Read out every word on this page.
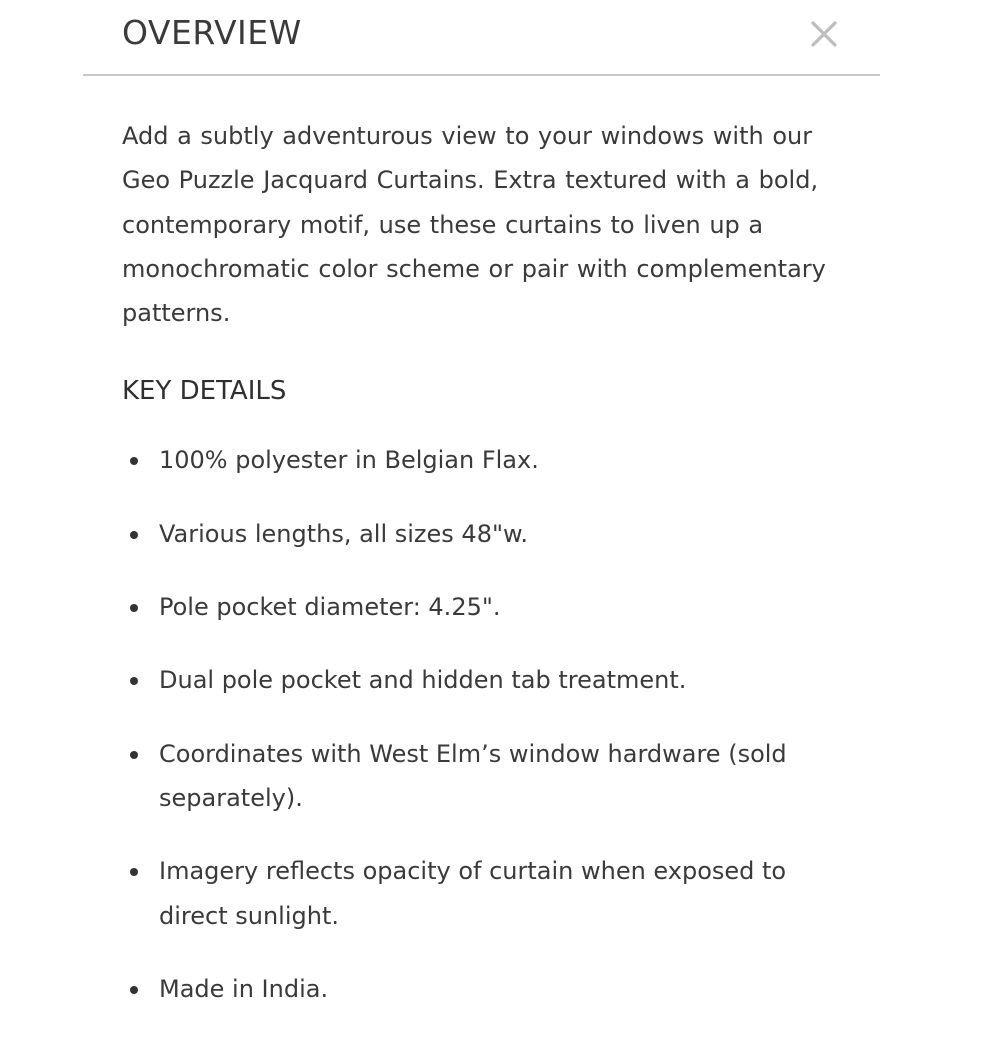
OVERVIEW

Add a subtly adventurous view to your windows with our Geo Puzzle Jacquard Curtains. Extra textured with a bold, contemporary motif, use these curtains to liven up a monochromatic color scheme or pair with complementary patterns.

KEY DETAILS
100% polyester in Belgian Flax.
Various lengths, all sizes 48"w.
Pole pocket diameter: 4.25".
Dual pole pocket and hidden tab treatment.
Coordinates with West Elm’s window hardware (sold separately).
Imagery reflects opacity of curtain when exposed to direct sunlight.
Made in India.
